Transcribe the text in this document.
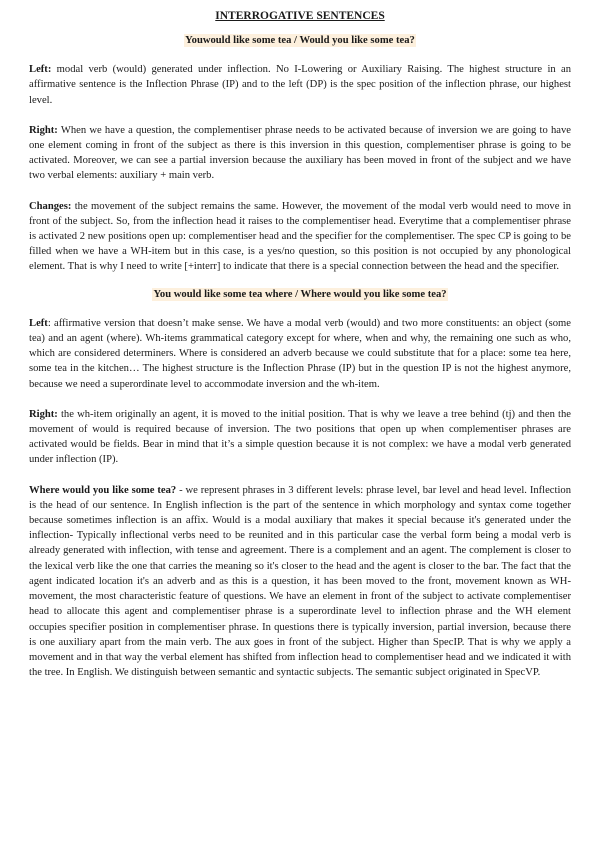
INTERROGATIVE SENTENCES
Youwould like some tea / Would you like some tea?

Left: modal verb (would) generated under inflection. No I-Lowering or Auxiliary Raising. The highest structure in an affirmative sentence is the Inflection Phrase (IP) and to the left (DP) is the spec position of the inflection phrase, our highest level.

Right: When we have a question, the complementiser phrase needs to be activated because of inversion we are going to have one element coming in front of the subject as there is this inversion in this question, complementiser phrase is going to be activated. Moreover, we can see a partial inversion because the auxiliary has been moved in front of the subject and we have two verbal elements: auxiliary + main verb.

Changes: the movement of the subject remains the same. However, the movement of the modal verb would need to move in front of the subject. So, from the inflection head it raises to the complementiser head. Everytime that a complementiser phrase is activated 2 new positions open up: complementiser head and the specifier for the complementiser. The spec CP is going to be filled when we have a WH-item but in this case, is a yes/no question, so this position is not occupied by any phonological element. That is why I need to write [+interr] to indicate that there is a special connection between the head and the specifier.

You would like some tea where / Where would you like some tea?

Left: affirmative version that doesn’t make sense. We have a modal verb (would) and two more constituents: an object (some tea) and an agent (where). Wh-items grammatical category except for where, when and why, the remaining one such as who, which are considered determiners. Where is considered an adverb because we could substitute that for a place: some tea here, some tea in the kitchen… The highest structure is the Inflection Phrase (IP) but in the question IP is not the highest anymore, because we need a superordinate level to accommodate inversion and the wh-item.

Right: the wh-item originally an agent, it is moved to the initial position. That is why we leave a tree behind (tj) and then the movement of would is required because of inversion. The two positions that open up when complementiser phrases are activated would be fields. Bear in mind that it’s a simple question because it is not complex: we have a modal verb generated under inflection (IP).

Where would you like some tea? - we represent phrases in 3 different levels: phrase level, bar level and head level. Inflection is the head of our sentence. In English inflection is the part of the sentence in which morphology and syntax come together because sometimes inflection is an affix. Would is a modal auxiliary that makes it special because it's generated under the inflection- Typically inflectional verbs need to be reunited and in this particular case the verbal form being a modal verb is already generated with inflection, with tense and agreement. There is a complement and an agent. The complement is closer to the lexical verb like the one that carries the meaning so it's closer to the head and the agent is closer to the bar. The fact that the agent indicated location it's an adverb and as this is a question, it has been moved to the front, movement known as WH-movement, the most characteristic feature of questions. We have an element in front of the subject to activate complementiser head to allocate this agent and complementiser phrase is a superordinate level to inflection phrase and the WH element occupies specifier position in complementiser phrase. In questions there is typically inversion, partial inversion, because there is one auxiliary apart from the main verb. The aux goes in front of the subject. Higher than SpecIP. That is why we apply a movement and in that way the verbal element has shifted from inflection head to complementiser head and we indicated it with the tree. In English. We distinguish between semantic and syntactic subjects. The semantic subject originated in SpecVP.
